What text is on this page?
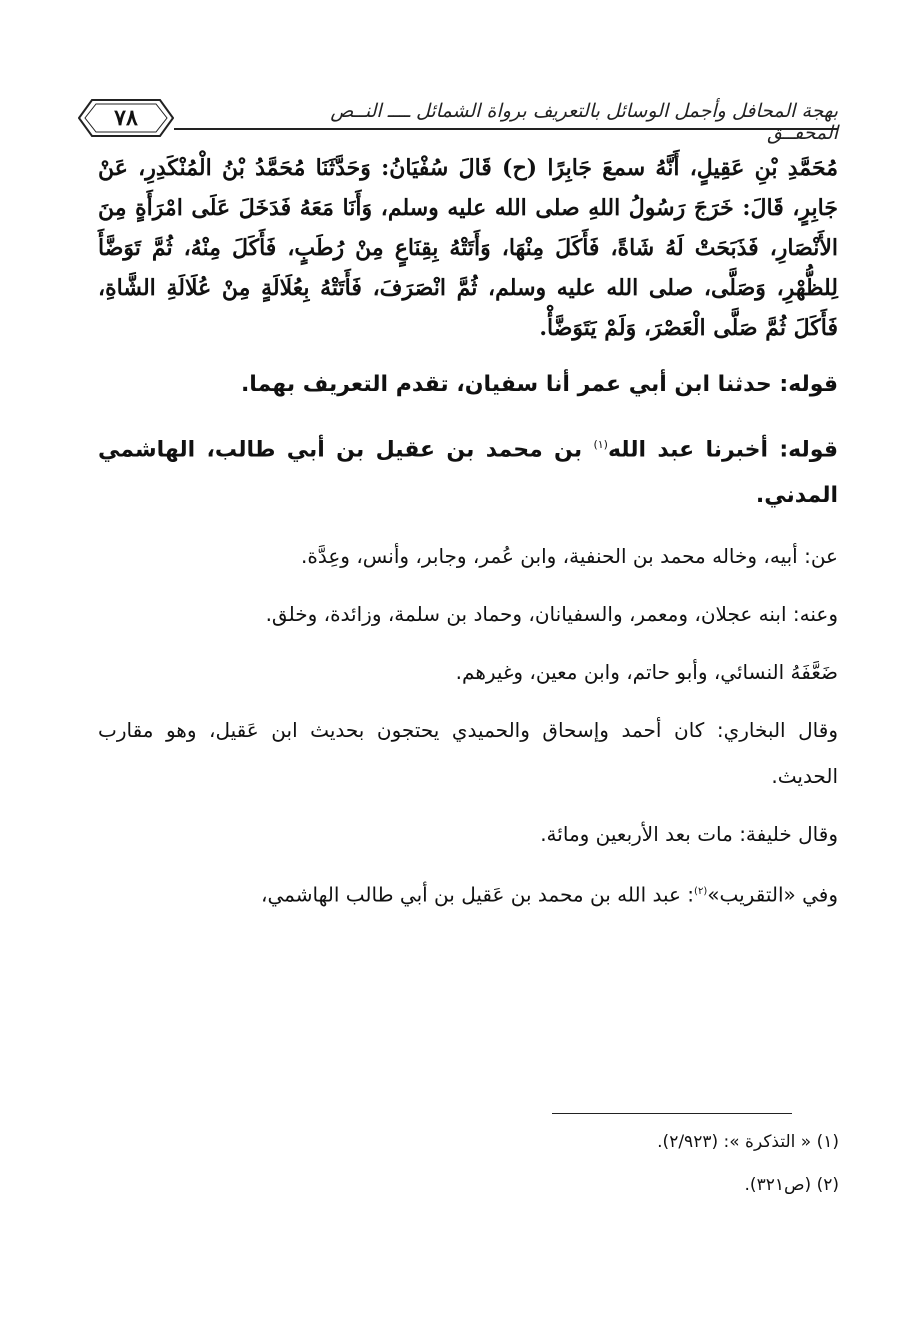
٧٨	بهجة المحافل وأجمل الوسائل بالتعريف برواة الشمائل ــــ النــص المحقــق

مُحَمَّدِ بْنِ عَقِيلٍ، أَنَّهُ سمعَ جَابِرًا (ح) قَالَ سُفْيَانُ: وَحَدَّثَنَا مُحَمَّدُ بْنُ الْمُنْكَدِرِ، عَنْ جَابِرٍ، قَالَ: خَرَجَ رَسُولُ اللهِ صلى الله عليه وسلم، وَأَنَا مَعَهُ فَدَخَلَ عَلَى امْرَأَةٍ مِنَ الأَنْصَارِ، فَذَبَحَتْ لَهُ شَاةً، فَأَكَلَ مِنْهَا، وَأَتَتْهُ بِقِنَاعٍ مِنْ رُطَبٍ، فَأَكَلَ مِنْهُ، ثُمَّ تَوَضَّأَ لِلظُّهْرِ، وَصَلَّى، صلى الله عليه وسلم، ثُمَّ انْصَرَفَ، فَأَتَتْهُ بِعُلَالَةٍ مِنْ عُلَالَةِ الشَّاةِ، فَأَكَلَ ثُمَّ صَلَّى الْعَصْرَ، وَلَمْ يَتَوَضَّأْ.

قوله: حدثنا ابن أبي عمر أنا سفيان، تقدم التعريف بهما.

قوله: أخبرنا عبد الله$^{(١)}$ بن محمد بن عقيل بن أبي طالب، الهاشمي المدني.

عن: أبيه، وخاله محمد بن الحنفية، وابن عُمر، وجابر، وأنس، وعِدَّة.

وعنه: ابنه عجلان، ومعمر، والسفيانان، وحماد بن سلمة، وزائدة، وخلق.

ضَعَّفَهُ النسائي، وأبو حاتم، وابن معين، وغيرهم.

وقال البخاري: كان أحمد وإسحاق والحميدي يحتجون بحديث ابن عَقيل، وهو مقارب الحديث.

وقال خليفة: مات بعد الأربعين ومائة.

وفي «التقريب»$^{(٢)}$: عبد الله بن محمد بن عَقيل بن أبي طالب الهاشمي،

(١) « التذكرة »: (٢/٩٢٣).

(٢) (ص٣٢١).
